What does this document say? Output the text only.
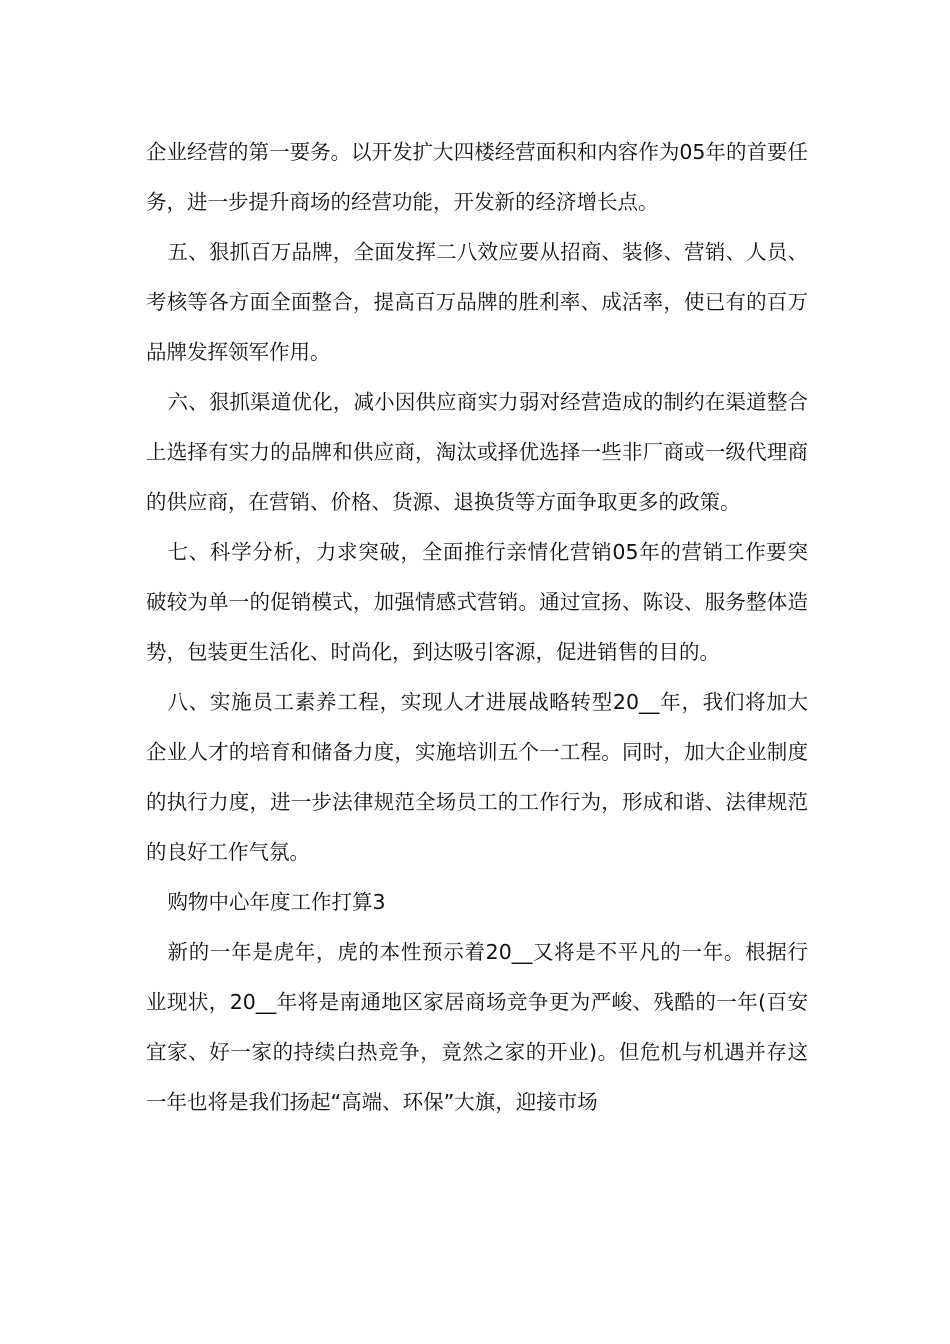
企业经营的第一要务。以开发扩大四楼经营面积和内容作为05年的首要任务，进一步提升商场的经营功能，开发新的经济增长点。

五、狠抓百万品牌，全面发挥二八效应要从招商、装修、营销、人员、考核等各方面全面整合，提高百万品牌的胜利率、成活率，使已有的百万品牌发挥领军作用。

六、狠抓渠道优化，减小因供应商实力弱对经营造成的制约在渠道整合上选择有实力的品牌和供应商，淘汰或择优选择一些非厂商或一级代理商的供应商，在营销、价格、货源、退换货等方面争取更多的政策。

七、科学分析，力求突破，全面推行亲情化营销05年的营销工作要突破较为单一的促销模式，加强情感式营销。通过宣扬、陈设、服务整体造势，包装更生活化、时尚化，到达吸引客源，促进销售的目的。

八、实施员工素养工程，实现人才进展战略转型20__年，我们将加大企业人才的培育和储备力度，实施培训五个一工程。同时，加大企业制度的执行力度，进一步法律规范全场员工的工作行为，形成和谐、法律规范的良好工作气氛。

购物中心年度工作打算3

新的一年是虎年，虎的本性预示着20__又将是不平凡的一年。根据行业现状，20__年将是南通地区家居商场竞争更为严峻、残酷的一年(百安宜家、好一家的持续白热竞争，竟然之家的开业)。但危机与机遇并存这一年也将是我们扬起“高端、环保”大旗，迎接市场
